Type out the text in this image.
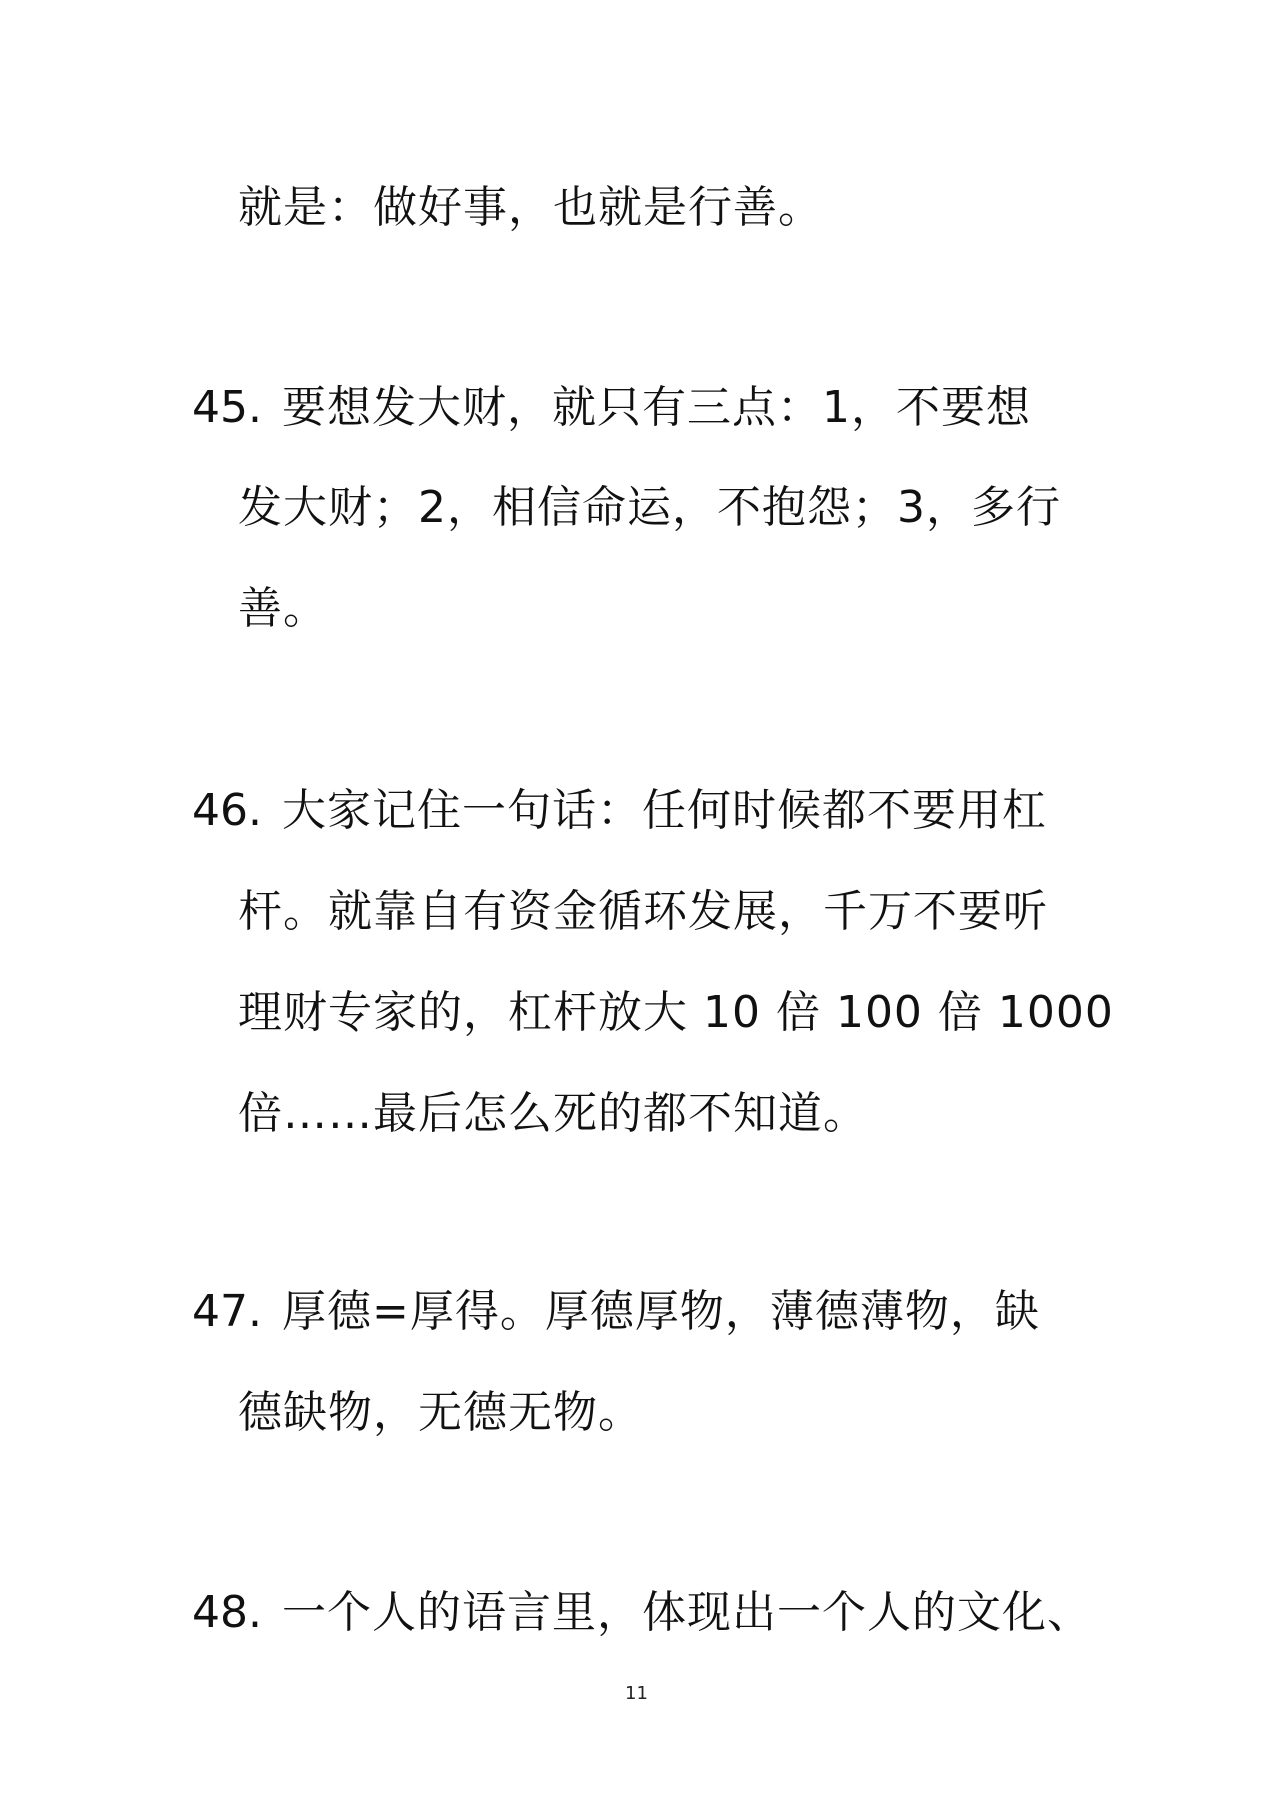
就是：做好事，也就是行善。
45. 要想发大财，就只有三点：1，不要想
发大财；2，相信命运，不抱怨；3，多行
善。
46. 大家记住一句话：任何时候都不要用杠
杆。就靠自有资金循环发展，千万不要听
理财专家的，杠杆放大 10 倍 100 倍 1000
倍……最后怎么死的都不知道。
47. 厚德=厚得。厚德厚物，薄德薄物，缺
德缺物，无德无物。
48. 一个人的语言里，体现出一个人的文化、
11
